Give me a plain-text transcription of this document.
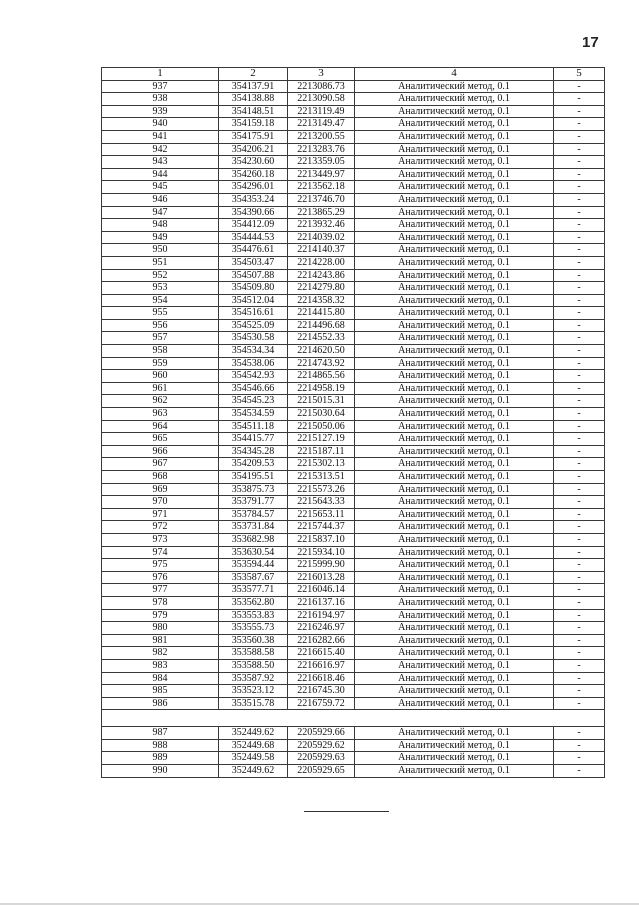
17
1	2	3	4	5
937	354137.91	2213086.73	Аналитический метод, 0.1	-
938	354138.88	2213090.58	Аналитический метод, 0.1	-
939	354148.51	2213119.49	Аналитический метод, 0.1	-
940	354159.18	2213149.47	Аналитический метод, 0.1	-
941	354175.91	2213200.55	Аналитический метод, 0.1	-
942	354206.21	2213283.76	Аналитический метод, 0.1	-
943	354230.60	2213359.05	Аналитический метод, 0.1	-
944	354260.18	2213449.97	Аналитический метод, 0.1	-
945	354296.01	2213562.18	Аналитический метод, 0.1	-
946	354353.24	2213746.70	Аналитический метод, 0.1	-
947	354390.66	2213865.29	Аналитический метод, 0.1	-
948	354412.09	2213932.46	Аналитический метод, 0.1	-
949	354444.53	2214039.02	Аналитический метод, 0.1	-
950	354476.61	2214140.37	Аналитический метод, 0.1	-
951	354503.47	2214228.00	Аналитический метод, 0.1	-
952	354507.88	2214243.86	Аналитический метод, 0.1	-
953	354509.80	2214279.80	Аналитический метод, 0.1	-
954	354512.04	2214358.32	Аналитический метод, 0.1	-
955	354516.61	2214415.80	Аналитический метод, 0.1	-
956	354525.09	2214496.68	Аналитический метод, 0.1	-
957	354530.58	2214552.33	Аналитический метод, 0.1	-
958	354534.34	2214620.50	Аналитический метод, 0.1	-
959	354538.06	2214743.92	Аналитический метод, 0.1	-
960	354542.93	2214865.56	Аналитический метод, 0.1	-
961	354546.66	2214958.19	Аналитический метод, 0.1	-
962	354545.23	2215015.31	Аналитический метод, 0.1	-
963	354534.59	2215030.64	Аналитический метод, 0.1	-
964	354511.18	2215050.06	Аналитический метод, 0.1	-
965	354415.77	2215127.19	Аналитический метод, 0.1	-
966	354345.28	2215187.11	Аналитический метод, 0.1	-
967	354209.53	2215302.13	Аналитический метод, 0.1	-
968	354195.51	2215313.51	Аналитический метод, 0.1	-
969	353875.73	2215573.26	Аналитический метод, 0.1	-
970	353791.77	2215643.33	Аналитический метод, 0.1	-
971	353784.57	2215653.11	Аналитический метод, 0.1	-
972	353731.84	2215744.37	Аналитический метод, 0.1	-
973	353682.98	2215837.10	Аналитический метод, 0.1	-
974	353630.54	2215934.10	Аналитический метод, 0.1	-
975	353594.44	2215999.90	Аналитический метод, 0.1	-
976	353587.67	2216013.28	Аналитический метод, 0.1	-
977	353577.71	2216046.14	Аналитический метод, 0.1	-
978	353562.80	2216137.16	Аналитический метод, 0.1	-
979	353553.83	2216194.97	Аналитический метод, 0.1	-
980	353555.73	2216246.97	Аналитический метод, 0.1	-
981	353560.38	2216282.66	Аналитический метод, 0.1	-
982	353588.58	2216615.40	Аналитический метод, 0.1	-
983	353588.50	2216616.97	Аналитический метод, 0.1	-
984	353587.92	2216618.46	Аналитический метод, 0.1	-
985	353523.12	2216745.30	Аналитический метод, 0.1	-
986	353515.78	2216759.72	Аналитический метод, 0.1	-

987	352449.62	2205929.66	Аналитический метод, 0.1	-
988	352449.68	2205929.62	Аналитический метод, 0.1	-
989	352449.58	2205929.63	Аналитический метод, 0.1	-
990	352449.62	2205929.65	Аналитический метод, 0.1	-
